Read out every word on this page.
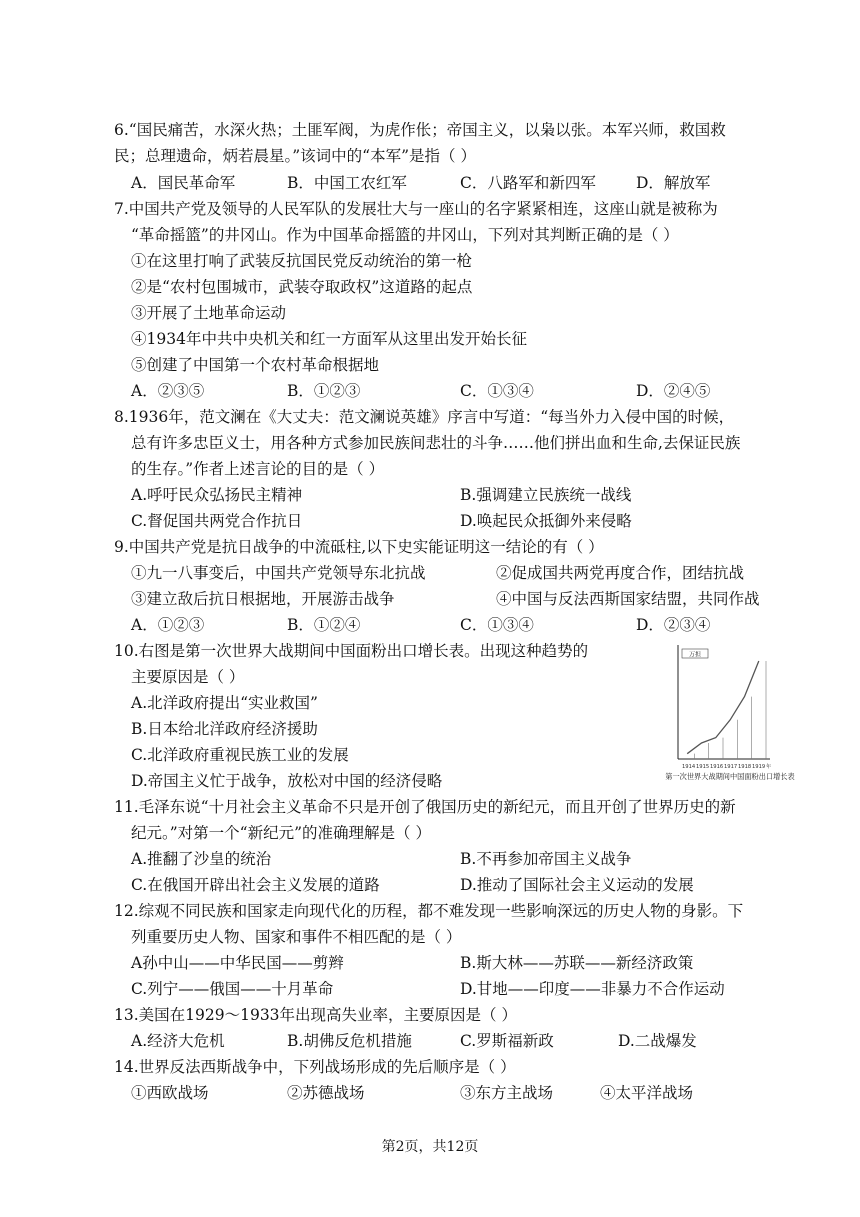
6.“国民痛苦，水深火热；土匪军阀，为虎作伥；帝国主义，以枭以张。本军兴师，救国救
民；总理遗命，炳若晨星。”该词中的“本军”是指（ ）
A．国民革命军	B．中国工农红军	C．八路军和新四军	D．解放军
7.中国共产党及领导的人民军队的发展壮大与一座山的名字紧紧相连，这座山就是被称为
“革命摇篮”的井冈山。作为中国革命摇篮的井冈山，下列对其判断正确的是（ ）
①在这里打响了武装反抗国民党反动统治的第一枪
②是“农村包围城市，武装夺取政权”这道路的起点
③开展了土地革命运动
④1934年中共中央机关和红一方面军从这里出发开始长征
⑤创建了中国第一个农村革命根据地
A．②③⑤	B．①②③	C．①③④	D．②④⑤
8.1936年，范文澜在《大丈夫：范文澜说英雄》序言中写道：“每当外力入侵中国的时候，
总有许多忠臣义士，用各种方式参加民族间悲壮的斗争……他们拼出血和生命,去保证民族
的生存。”作者上述言论的目的是（ ）
A.呼吁民众弘扬民主精神	B.强调建立民族统一战线
C.督促国共两党合作抗日	D.唤起民众抵御外来侵略
9.中国共产党是抗日战争的中流砥柱,以下史实能证明这一结论的有（ ）
①九一八事变后，中国共产党领导东北抗战	②促成国共两党再度合作，团结抗战
③建立敌后抗日根据地，开展游击战争	④中国与反法西斯国家结盟，共同作战
A．①②③	B．①②④	C．①③④	D．②③④
10.右图是第一次世界大战期间中国面粉出口增长表。出现这种趋势的
主要原因是（ ）
A.北洋政府提出“实业救国”
B.日本给北洋政府经济援助
C.北洋政府重视民族工业的发展
D.帝国主义忙于战争，放松对中国的经济侵略
万担
1914 1915 1916 1917 1918 1919 年
第一次世界大战期间中国面粉出口增长表
11.毛泽东说“十月社会主义革命不只是开创了俄国历史的新纪元，而且开创了世界历史的新
纪元。”对第一个“新纪元”的准确理解是（ ）
A.推翻了沙皇的统治	B.不再参加帝国主义战争
C.在俄国开辟出社会主义发展的道路	D.推动了国际社会主义运动的发展
12.综观不同民族和国家走向现代化的历程，都不难发现一些影响深远的历史人物的身影。下
列重要历史人物、国家和事件不相匹配的是（ ）
A孙中山——中华民国——剪辫	B.斯大林——苏联——新经济政策
C.列宁——俄国——十月革命	D.甘地——印度——非暴力不合作运动
13.美国在1929～1933年出现高失业率，主要原因是（ ）
A.经济大危机	B.胡佛反危机措施	C.罗斯福新政	D.二战爆发
14.世界反法西斯战争中，下列战场形成的先后顺序是（ ）
①西欧战场	②苏德战场	③东方主战场	④太平洋战场
第2页，共12页
